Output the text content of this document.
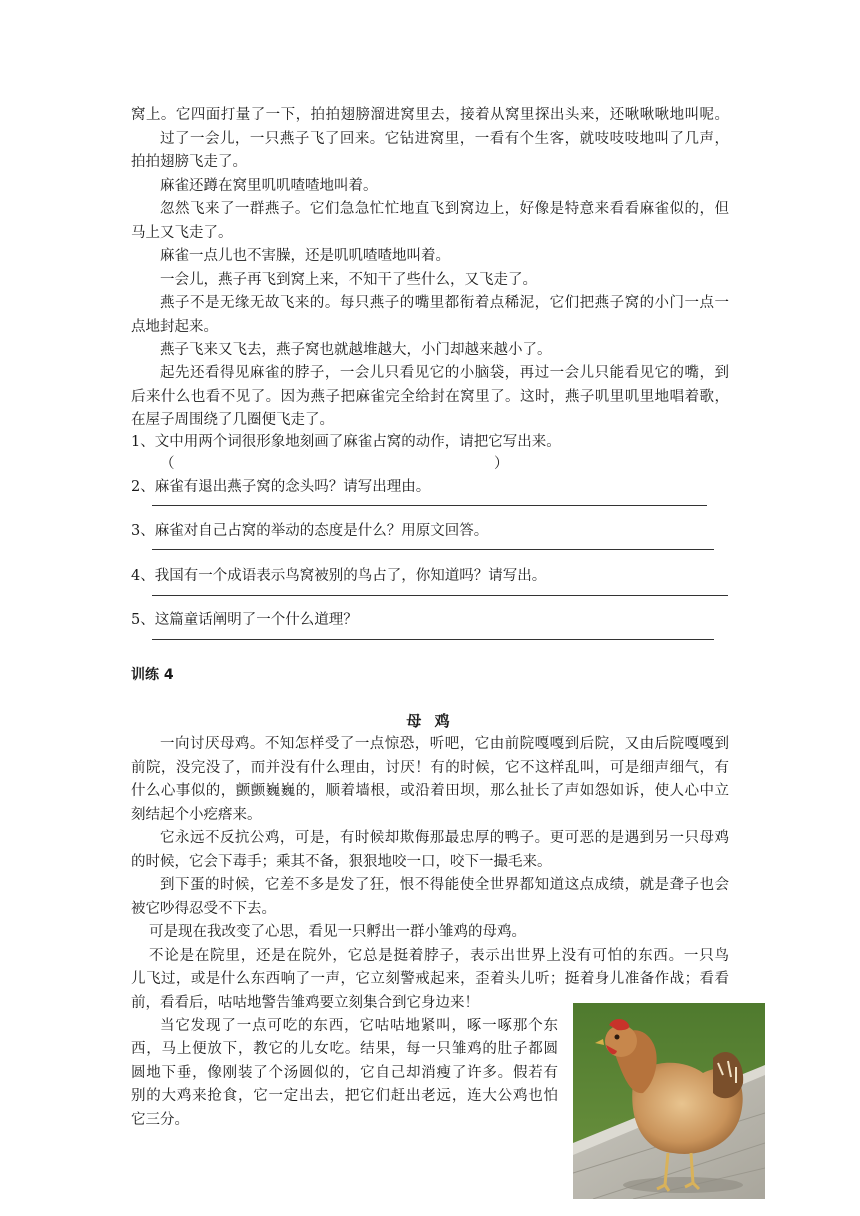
窝上。它四面打量了一下，拍拍翅膀溜进窝里去，接着从窝里探出头来，还啾啾啾地叫呢。
过了一会儿，一只燕子飞了回来。它钻进窝里，一看有个生客，就吱吱吱地叫了几声，
拍拍翅膀飞走了。
麻雀还蹲在窝里叽叽喳喳地叫着。
忽然飞来了一群燕子。它们急急忙忙地直飞到窝边上，好像是特意来看看麻雀似的，但
马上又飞走了。
麻雀一点儿也不害臊，还是叽叽喳喳地叫着。
一会儿，燕子再飞到窝上来，不知干了些什么，又飞走了。
燕子不是无缘无故飞来的。每只燕子的嘴里都衔着点稀泥，它们把燕子窝的小门一点一
点地封起来。
燕子飞来又飞去，燕子窝也就越堆越大，小门却越来越小了。
起先还看得见麻雀的脖子，一会儿只看见它的小脑袋，再过一会儿只能看见它的嘴，到
后来什么也看不见了。因为燕子把麻雀完全给封在窝里了。这时，燕子叽里叽里地唱着歌，
在屋子周围绕了几圈便飞走了。
1、文中用两个词很形象地刻画了麻雀占窝的动作，请把它写出来。
（	）
2、麻雀有退出燕子窝的念头吗？请写出理由。
3、麻雀对自己占窝的举动的态度是什么？用原文回答。
4、我国有一个成语表示鸟窝被别的鸟占了，你知道吗？请写出。
5、这篇童话阐明了一个什么道理？
训练 4
母 鸡
一向讨厌母鸡。不知怎样受了一点惊恐，听吧，它由前院嘎嘎到后院，又由后院嘎嘎到
前院，没完没了，而并没有什么理由，讨厌！有的时候，它不这样乱叫，可是细声细气，有
什么心事似的，颤颤巍巍的，顺着墙根，或沿着田坝，那么扯长了声如怨如诉，使人心中立
刻结起个小疙瘩来。
它永远不反抗公鸡，可是，有时候却欺侮那最忠厚的鸭子。更可恶的是遇到另一只母鸡
的时候，它会下毒手；乘其不备，狠狠地咬一口，咬下一撮毛来。
到下蛋的时候，它差不多是发了狂，恨不得能使全世界都知道这点成绩，就是聋子也会
被它吵得忍受不下去。
可是现在我改变了心思，看见一只孵出一群小雏鸡的母鸡。
不论是在院里，还是在院外，它总是挺着脖子，表示出世界上没有可怕的东西。一只鸟
儿飞过，或是什么东西响了一声，它立刻警戒起来，歪着头儿听；挺着身儿准备作战；看看
前，看看后，咕咕地警告雏鸡要立刻集合到它身边来！
当它发现了一点可吃的东西，它咕咕地紧叫，啄一啄那个东
西，马上便放下，教它的儿女吃。结果，每一只雏鸡的肚子都圆
圆地下垂，像刚装了个汤圆似的，它自己却消瘦了许多。假若有
别的大鸡来抢食，它一定出去，把它们赶出老远，连大公鸡也怕
它三分。
